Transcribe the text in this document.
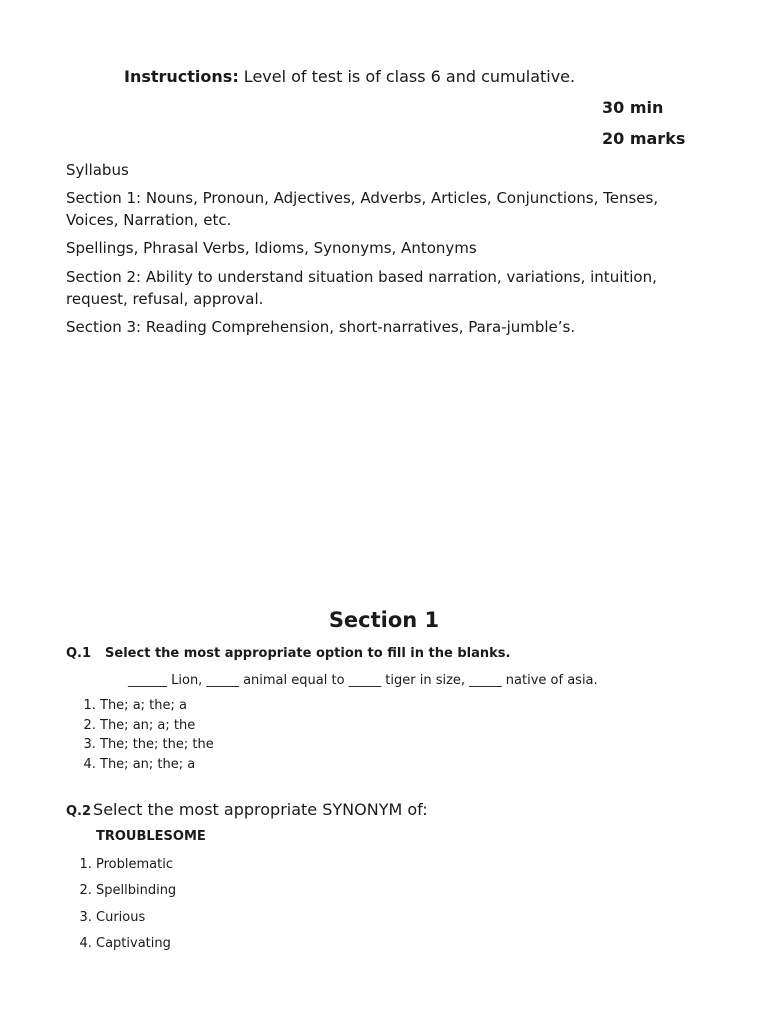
Instructions: Level of test is of class 6 and cumulative.
30 min
20 marks
Syllabus
Section 1: Nouns, Pronoun, Adjectives, Adverbs, Articles, Conjunctions, Tenses, Voices, Narration, etc.
Spellings, Phrasal Verbs, Idioms, Synonyms, Antonyms
Section 2: Ability to understand situation based narration, variations, intuition, request, refusal, approval.
Section 3: Reading Comprehension, short-narratives, Para-jumble’s.
Section 1
Q.1 Select the most appropriate option to fill in the blanks.
______ Lion, _____ animal equal to _____ tiger in size, _____ native of asia.
1. The; a; the; a
2. The; an; a; the
3. The; the; the; the
4. The; an; the; a
Q.2 Select the most appropriate SYNONYM of:
TROUBLESOME
1. Problematic
2. Spellbinding
3. Curious
4. Captivating
